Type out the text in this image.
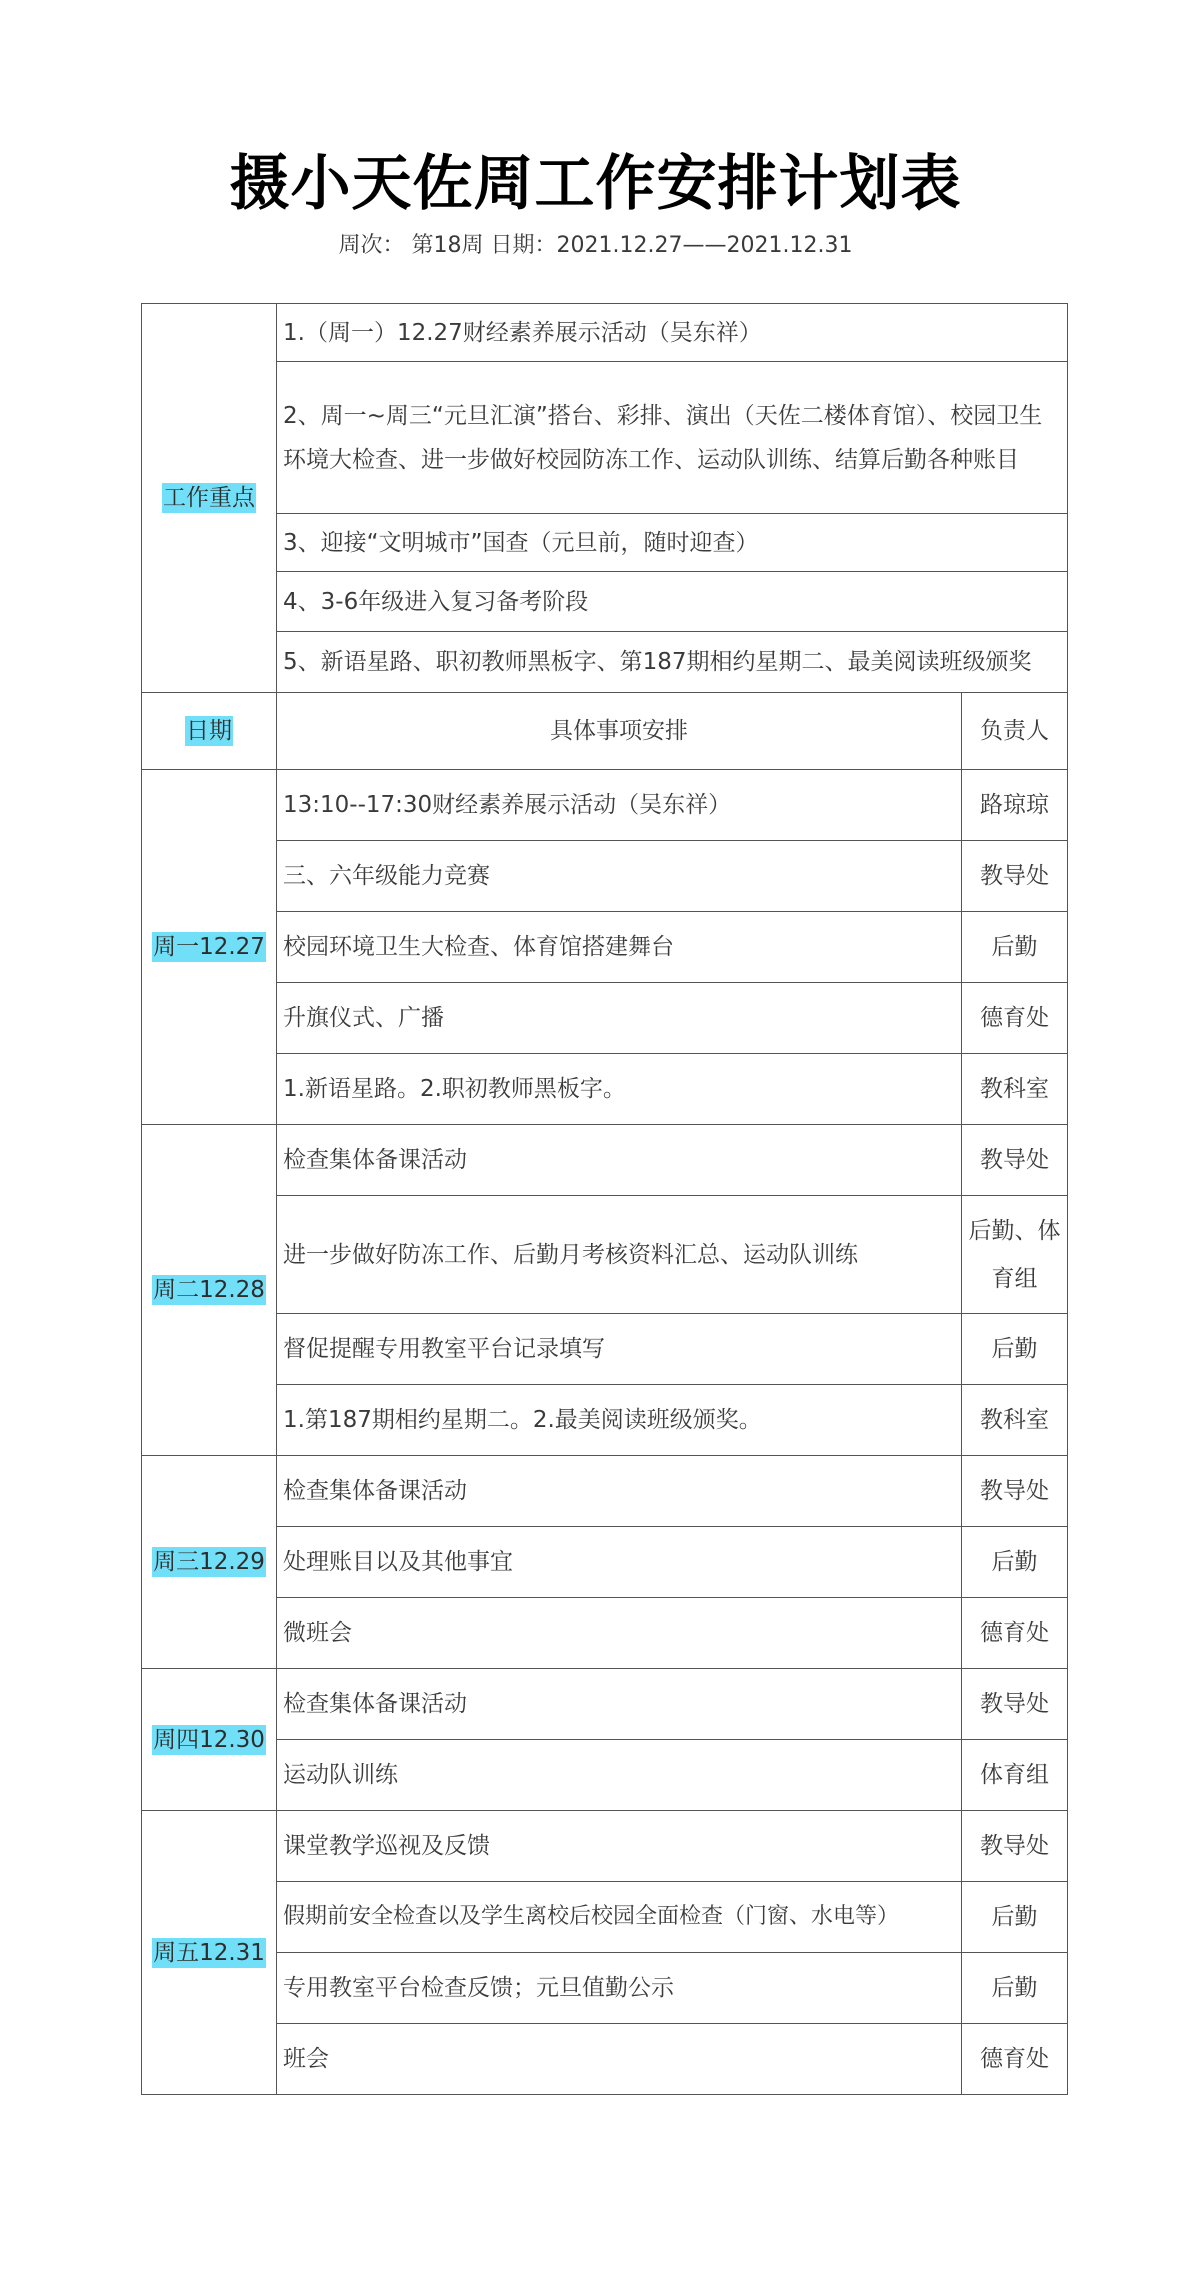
摄小天佐周工作安排计划表
周次： 第18周 日期：2021.12.27——2021.12.31
工作重点	1.（周一）12.27财经素养展示活动（吴东祥）	
	2、周一~周三“元旦汇演”搭台、彩排、演出（天佐二楼体育馆）、校园卫生环境大检查、进一步做好校园防冻工作、运动队训练、结算后勤各种账目	
	3、迎接“文明城市”国查（元旦前，随时迎查）	
	4、3-6年级进入复习备考阶段	
	5、新语星路、职初教师黑板字、第187期相约星期二、最美阅读班级颁奖	
日期	具体事项安排	负责人
周一12.27	13:10--17:30财经素养展示活动（吴东祥）	路琼琼
	三、六年级能力竞赛	教导处
	校园环境卫生大检查、体育馆搭建舞台	后勤
	升旗仪式、广播	德育处
	1.新语星路。2.职初教师黑板字。	教科室
周二12.28	检查集体备课活动	教导处
	进一步做好防冻工作、后勤月考核资料汇总、运动队训练	后勤、体育组
	督促提醒专用教室平台记录填写	后勤
	1.第187期相约星期二。2.最美阅读班级颁奖。	教科室
周三12.29	检查集体备课活动	教导处
	处理账目以及其他事宜	后勤
	微班会	德育处
周四12.30	检查集体备课活动	教导处
	运动队训练	体育组
周五12.31	课堂教学巡视及反馈	教导处
	假期前安全检查以及学生离校后校园全面检查（门窗、水电等）	后勤
	专用教室平台检查反馈；元旦值勤公示	后勤
	班会	德育处
